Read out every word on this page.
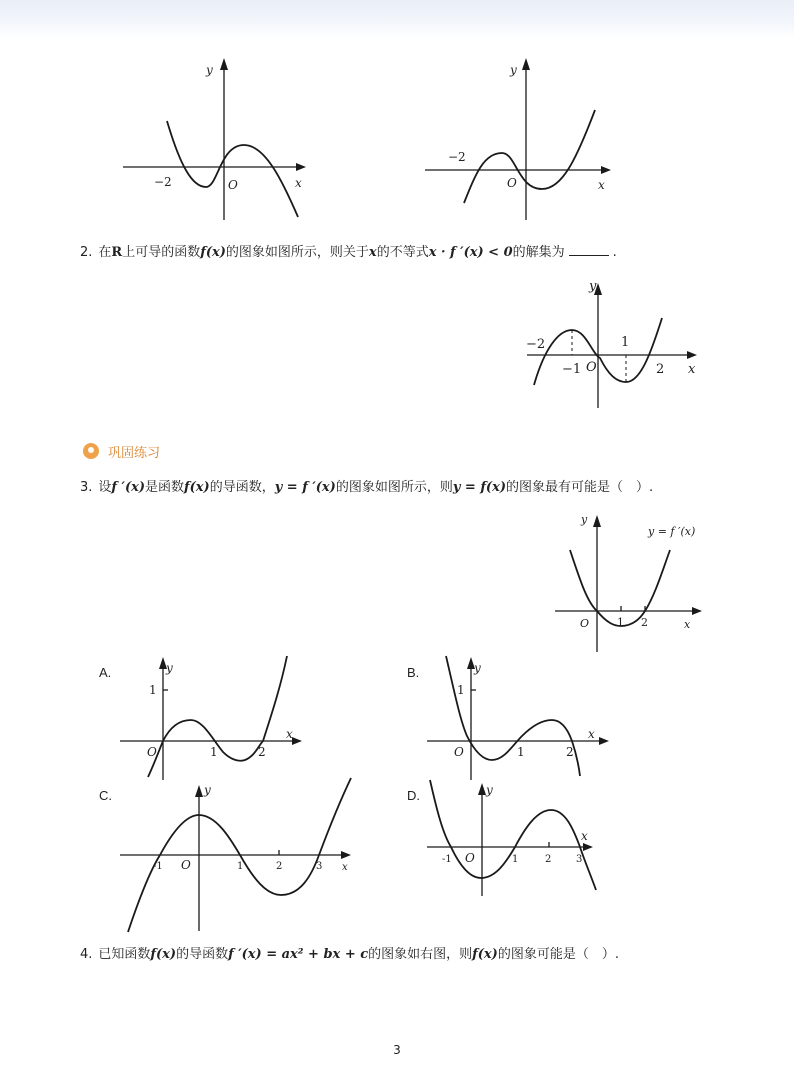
y
x
O
−2
y
x
O
−2
2. 在R上可导的函数f(x)的图象如图所示，则关于x的不等式x · f ′(x) < 0的解集为	.
y
x
O
−2
−1
1
2
巩固练习
3. 设f ′(x)是函数f(x)的导函数，y = f ′(x)的图象如图所示，则y = f(x)的图象最有可能是（　）.
y
x
O	1 2
y = f ′(x)
A.	y
x
O
1
1	2
B.	y
x
O
1
1	2
C.	y
x
O
-1	1	2	3
D.	y
x
O
-1	1	2 3
4. 已知函数f(x)的导函数f ′(x) = ax² + bx + c的图象如右图，则f(x)的图象可能是（　）.
3
